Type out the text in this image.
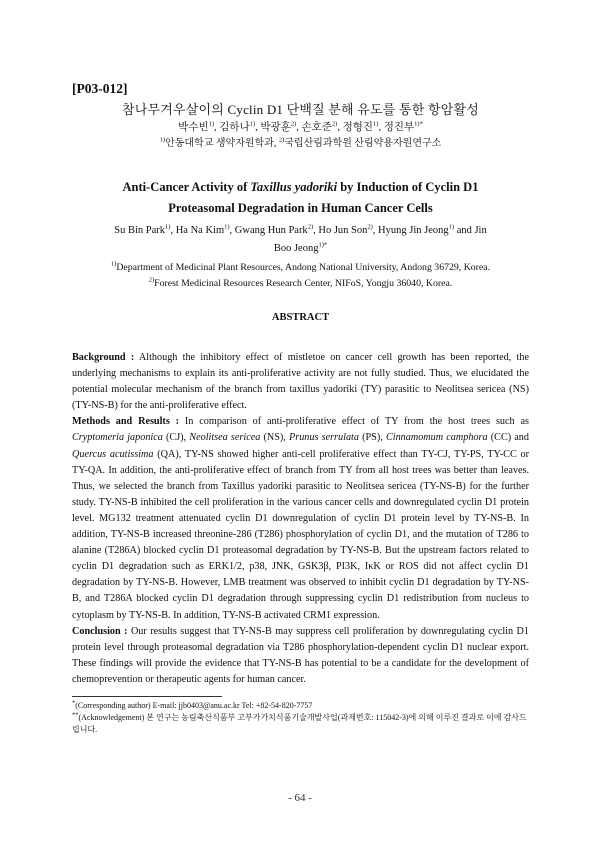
[P03-012]

참나무겨우살이의 Cyclin D1 단백질 분해 유도를 통한 항암활성

박수빈$^{1)}$, 김하나$^{1)}$, 박광훈$^{2)}$, 손호준$^{2)}$, 정형진$^{1)}$, 정진부$^{1)*}$

$^{1)}$안동대학교 생약자원학과, $^{2)}$국립산림과학원 산림약용자원연구소

Anti-Cancer Activity of Taxillus yadoriki by Induction of Cyclin D1
Proteasomal Degradation in Human Cancer Cells

Su Bin Park$^{1)}$, Ha Na Kim$^{1)}$, Gwang Hun Park$^{2)}$, Ho Jun Son$^{2)}$, Hyung Jin Jeong$^{1)}$ and Jin
Boo Jeong$^{1)*}$

$^{1)}$Department of Medicinal Plant Resources, Andong National University, Andong 36729, Korea.
$^{2)}$Forest Medicinal Resources Research Center, NIFoS, Yongju 36040, Korea.

ABSTRACT

Background : Although the inhibitory effect of mistletoe on cancer cell growth has been reported, the underlying mechanisms to explain its anti-proliferative activity are not fully studied. Thus, we elucidated the potential molecular mechanism of the branch from taxillus yadoriki (TY) parasitic to Neolitsea sericea (NS) (TY-NS-B) for the anti-proliferative effect.

Methods and Results : In comparison of anti-proliferative effect of TY from the host trees such as Cryptomeria japonica (CJ), Neolitsea sericea (NS), Prunus serrulata (PS), Cinnamomum camphora (CC) and Quercus acutissima (QA), TY-NS showed higher anti-cell proliferative effect than TY-CJ, TY-PS, TY-CC or TY-QA. In addition, the anti-proliferative effect of branch from TY from all host trees was better than leaves. Thus, we selected the branch from Taxillus yadoriki parasitic to Neolitsea sericea (TY-NS-B) for the further study. TY-NS-B inhibited the cell proliferation in the various cancer cells and downregulated cyclin D1 protein level. MG132 treatment attenuated cyclin D1 downregulation of cyclin D1 protein level by TY-NS-B. In addition, TY-NS-B increased threonine-286 (T286) phosphorylation of cyclin D1, and the mutation of T286 to alanine (T286A) blocked cyclin D1 proteasomal degradation by TY-NS-B. But the upstream factors related to cyclin D1 degradation such as ERK1/2, p38, JNK, GSK3β, PI3K, IκK or ROS did not affect cyclin D1 degradation by TY-NS-B. However, LMB treatment was observed to inhibit cyclin D1 degradation by TY-NS-B, and T286A blocked cyclin D1 degradation through suppressing cyclin D1 redistribution from nucleus to cytoplasm by TY-NS-B. In addition, TY-NS-B activated CRM1 expression.

Conclusion : Our results suggest that TY-NS-B may suppress cell proliferation by downregulating cyclin D1 protein level through proteasomal degradation via T286 phosphorylation-dependent cyclin D1 nuclear export. These findings will provide the evidence that TY-NS-B has potential to be a candidate for the development of chemoprevention or therapeutic agents for human cancer.

*(Corresponding author) E-mail: jjb0403@anu.ac.kr Tel: +82-54-820-7757

**(Acknowledgement) 본 연구는 농림축산식품부 고부가가치식품기술개발사업(과제번호: 115042-3)에 의해 이루진 결과로 이에 감사드립니다.

- 64 -
